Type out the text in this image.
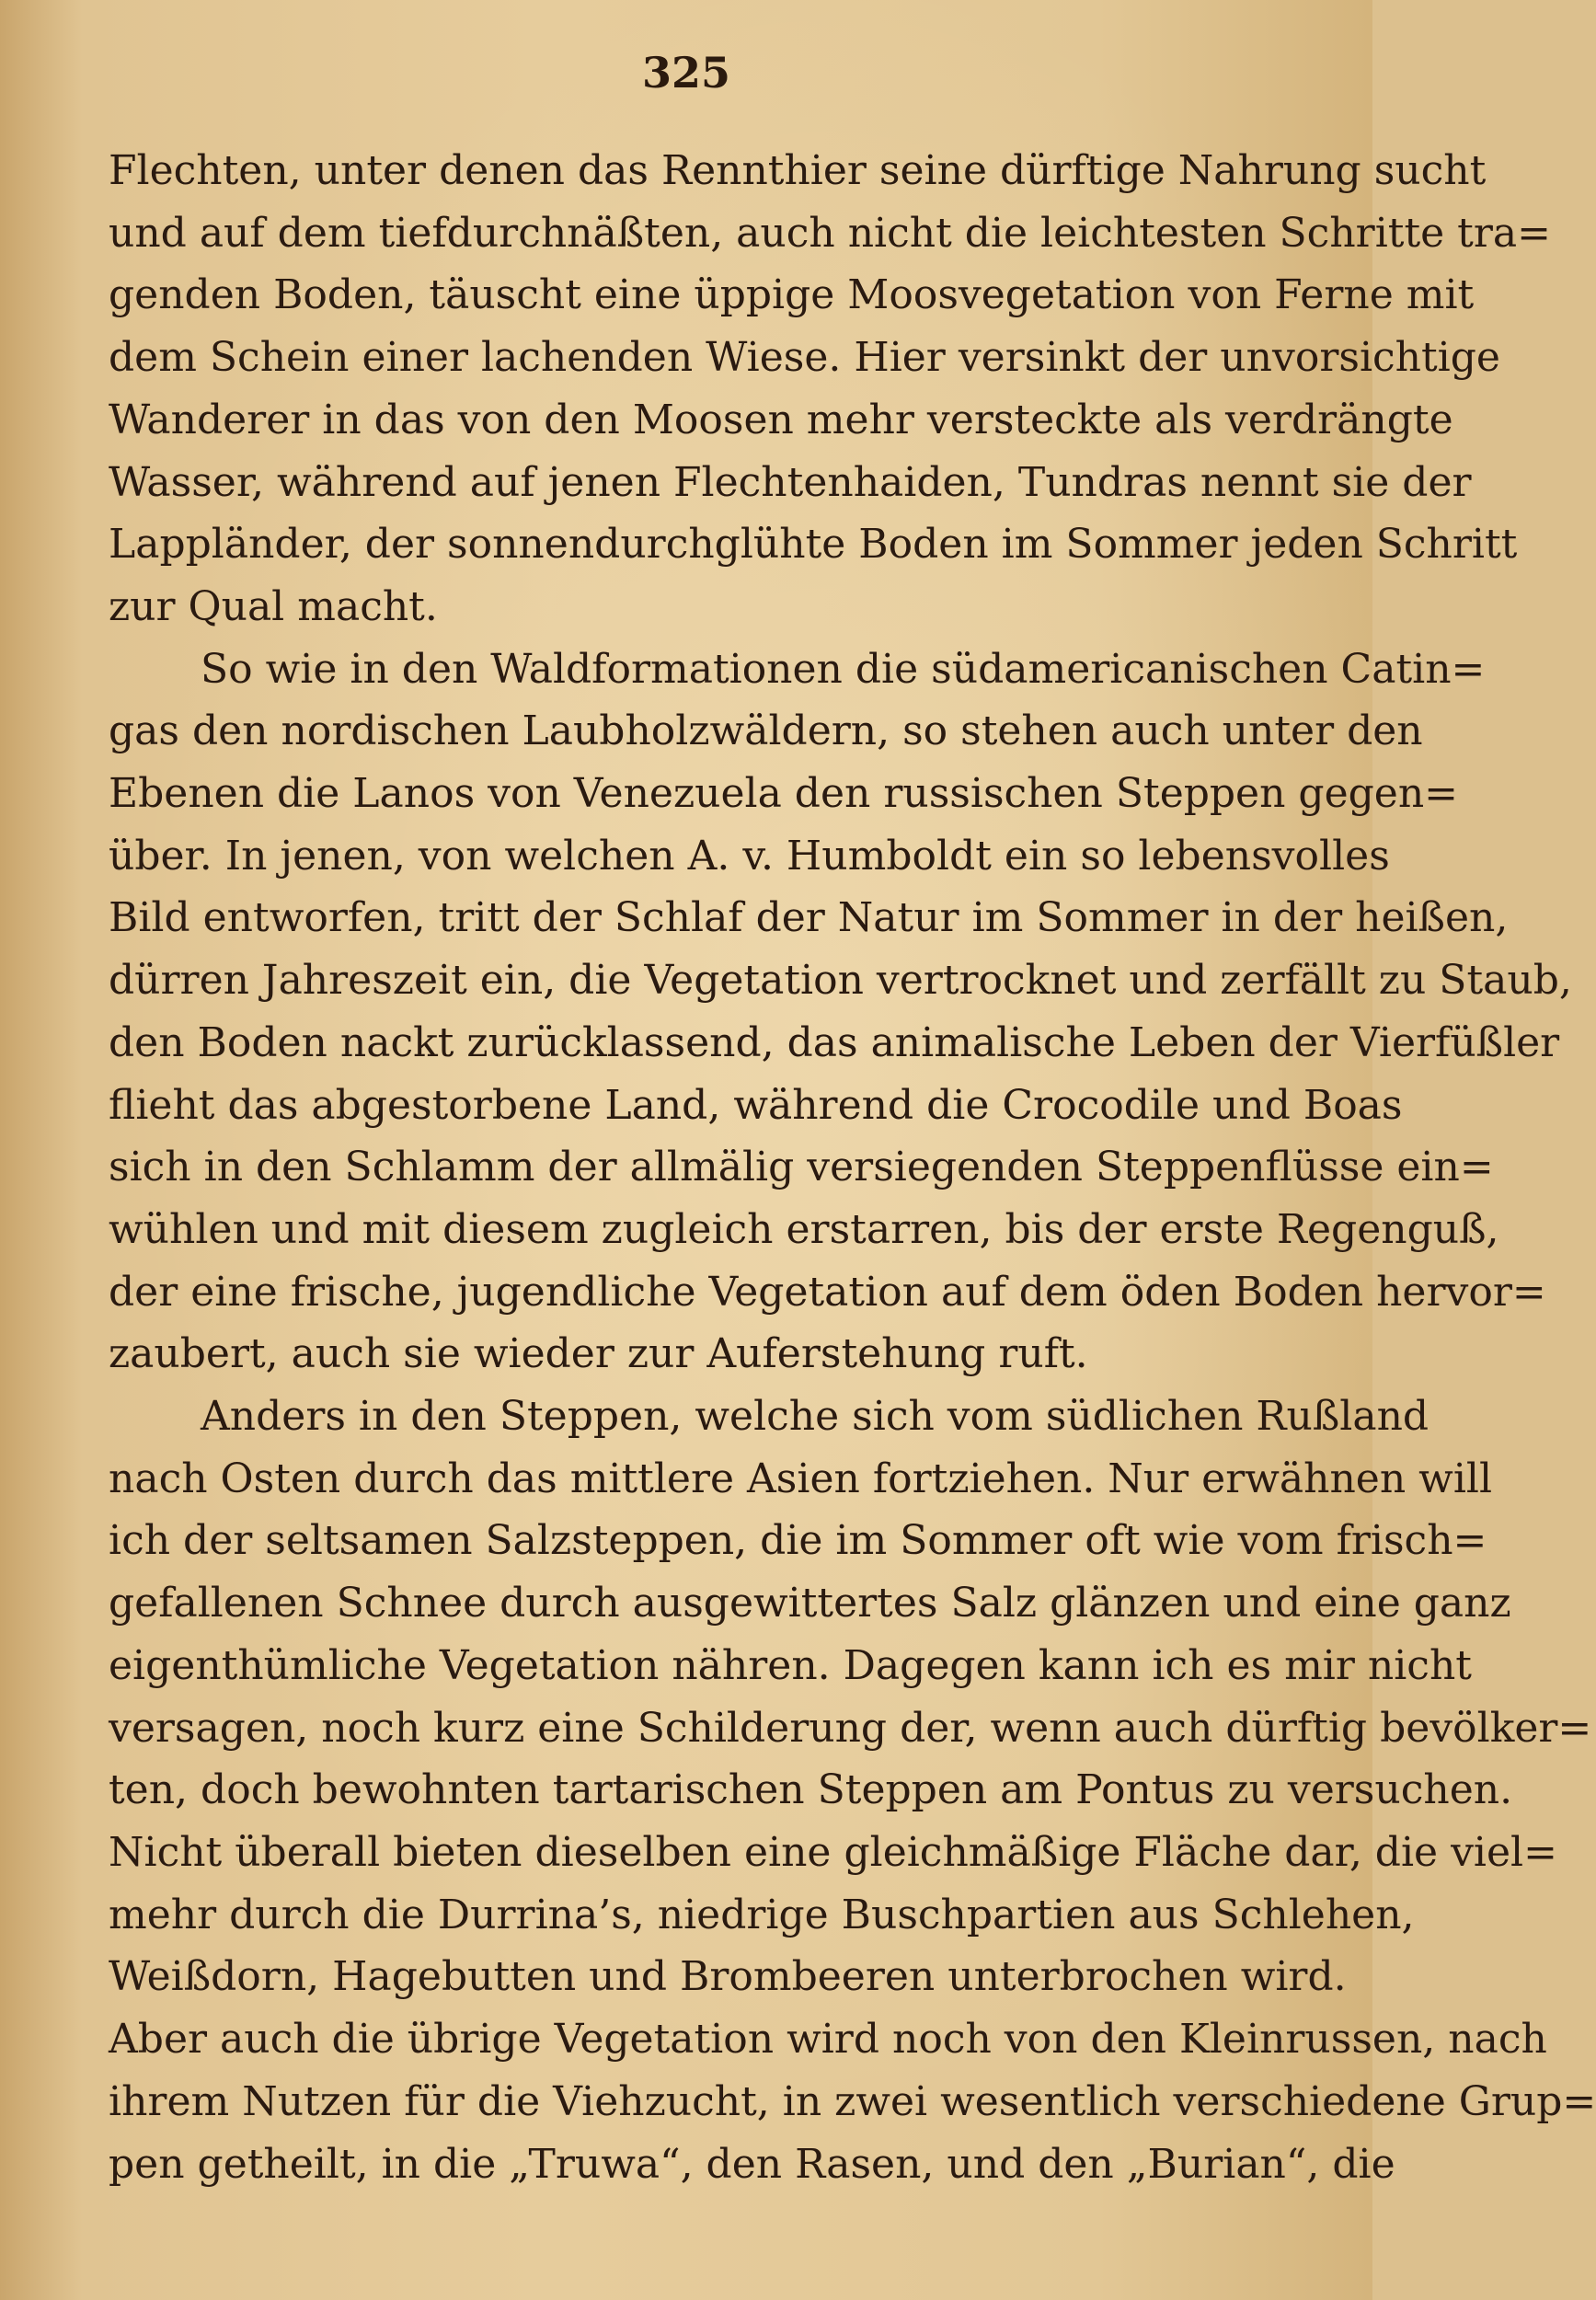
325

Flechten, unter denen das Rennthier seine dürftige Nahrung sucht
und auf dem tiefdurchnäßten, auch nicht die leichtesten Schritte tra=
genden Boden, täuscht eine üppige Moosvegetation von Ferne mit
dem Schein einer lachenden Wiese. Hier versinkt der unvorsichtige
Wanderer in das von den Moosen mehr versteckte als verdrängte
Wasser, während auf jenen Flechtenhaiden, Tundras nennt sie der
Lappländer, der sonnendurchglühte Boden im Sommer jeden Schritt
zur Qual macht.

So wie in den Waldformationen die südamericanischen Catin=
gas den nordischen Laubholzwäldern, so stehen auch unter den
Ebenen die Lanos von Venezuela den russischen Steppen gegen=
über. In jenen, von welchen A. v. Humboldt ein so lebensvolles
Bild entworfen, tritt der Schlaf der Natur im Sommer in der heißen,
dürren Jahreszeit ein, die Vegetation vertrocknet und zerfällt zu Staub,
den Boden nackt zurücklassend, das animalische Leben der Vierfüßler
flieht das abgestorbene Land, während die Crocodile und Boas
sich in den Schlamm der allmälig versiegenden Steppenflüsse ein=
wühlen und mit diesem zugleich erstarren, bis der erste Regenguß,
der eine frische, jugendliche Vegetation auf dem öden Boden hervor=
zaubert, auch sie wieder zur Auferstehung ruft.

Anders in den Steppen, welche sich vom südlichen Rußland
nach Osten durch das mittlere Asien fortziehen. Nur erwähnen will
ich der seltsamen Salzsteppen, die im Sommer oft wie vom frisch=
gefallenen Schnee durch ausgewittertes Salz glänzen und eine ganz
eigenthümliche Vegetation nähren. Dagegen kann ich es mir nicht
versagen, noch kurz eine Schilderung der, wenn auch dürftig bevölker=
ten, doch bewohnten tartarischen Steppen am Pontus zu versuchen.
Nicht überall bieten dieselben eine gleichmäßige Fläche dar, die viel=
mehr durch die Durrina’s, niedrige Buschpartien aus Schlehen,
Weißdorn, Hagebutten und Brombeeren unterbrochen wird.
Aber auch die übrige Vegetation wird noch von den Kleinrussen, nach
ihrem Nutzen für die Viehzucht, in zwei wesentlich verschiedene Grup=
pen getheilt, in die „Truwa“, den Rasen, und den „Burian“, die
